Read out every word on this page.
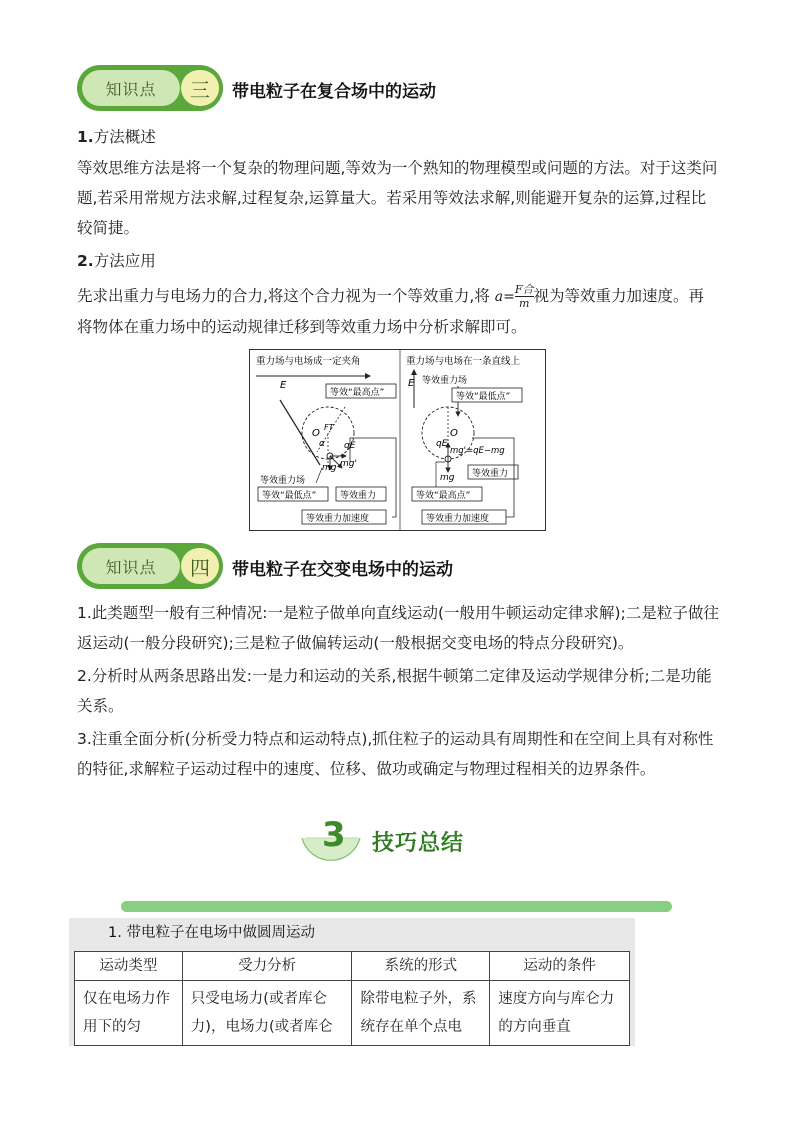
知识点	三	带电粒子在复合场中的运动
1.方法概述
等效思维方法是将一个复杂的物理问题,等效为一个熟知的物理模型或问题的方法。对于这类问题,若采用常规方法求解,过程复杂,运算量大。若采用等效法求解,则能避开复杂的运算,过程比较简捷。
2.方法应用
先求出重力与电场力的合力,将这个合力视为一个等效重力,将 a= F合
m 视为等效重力加速度。再将物体在重力场中的运动规律迁移到等效重力场中分析求解即可。
重力场与电场成一定夹角
E
等效“最高点”
O
FT
α qE
mg mg'
等效重力场
等效“最低点”	等效重力
等效重力加速度
重力场与电场在一条直线上
E 等效重力场
等效“最低点”
O
qE
mg'=qE−mg
等效重力
mg
等效“最高点”
等效重力加速度
知识点	四	带电粒子在交变电场中的运动
1.此类题型一般有三种情况:一是粒子做单向直线运动(一般用牛顿运动定律求解);二是粒子做往返运动(一般分段研究);三是粒子做偏转运动(一般根据交变电场的特点分段研究)。
2.分析时从两条思路出发:一是力和运动的关系,根据牛顿第二定律及运动学规律分析;二是功能关系。
3.注重全面分析(分析受力特点和运动特点),抓住粒子的运动具有周期性和在空间上具有对称性的特征,求解粒子运动过程中的速度、位移、做功或确定与物理过程相关的边界条件。
3 技巧总结
1. 带电粒子在电场中做圆周运动
运动类型	受力分析	系统的形式	运动的条件
仅在电场力作用下的匀	只受电场力(或者库仑力)，电场力(或者库仑	除带电粒子外，系统存在单个点电	速度方向与库仑力的方向垂直
